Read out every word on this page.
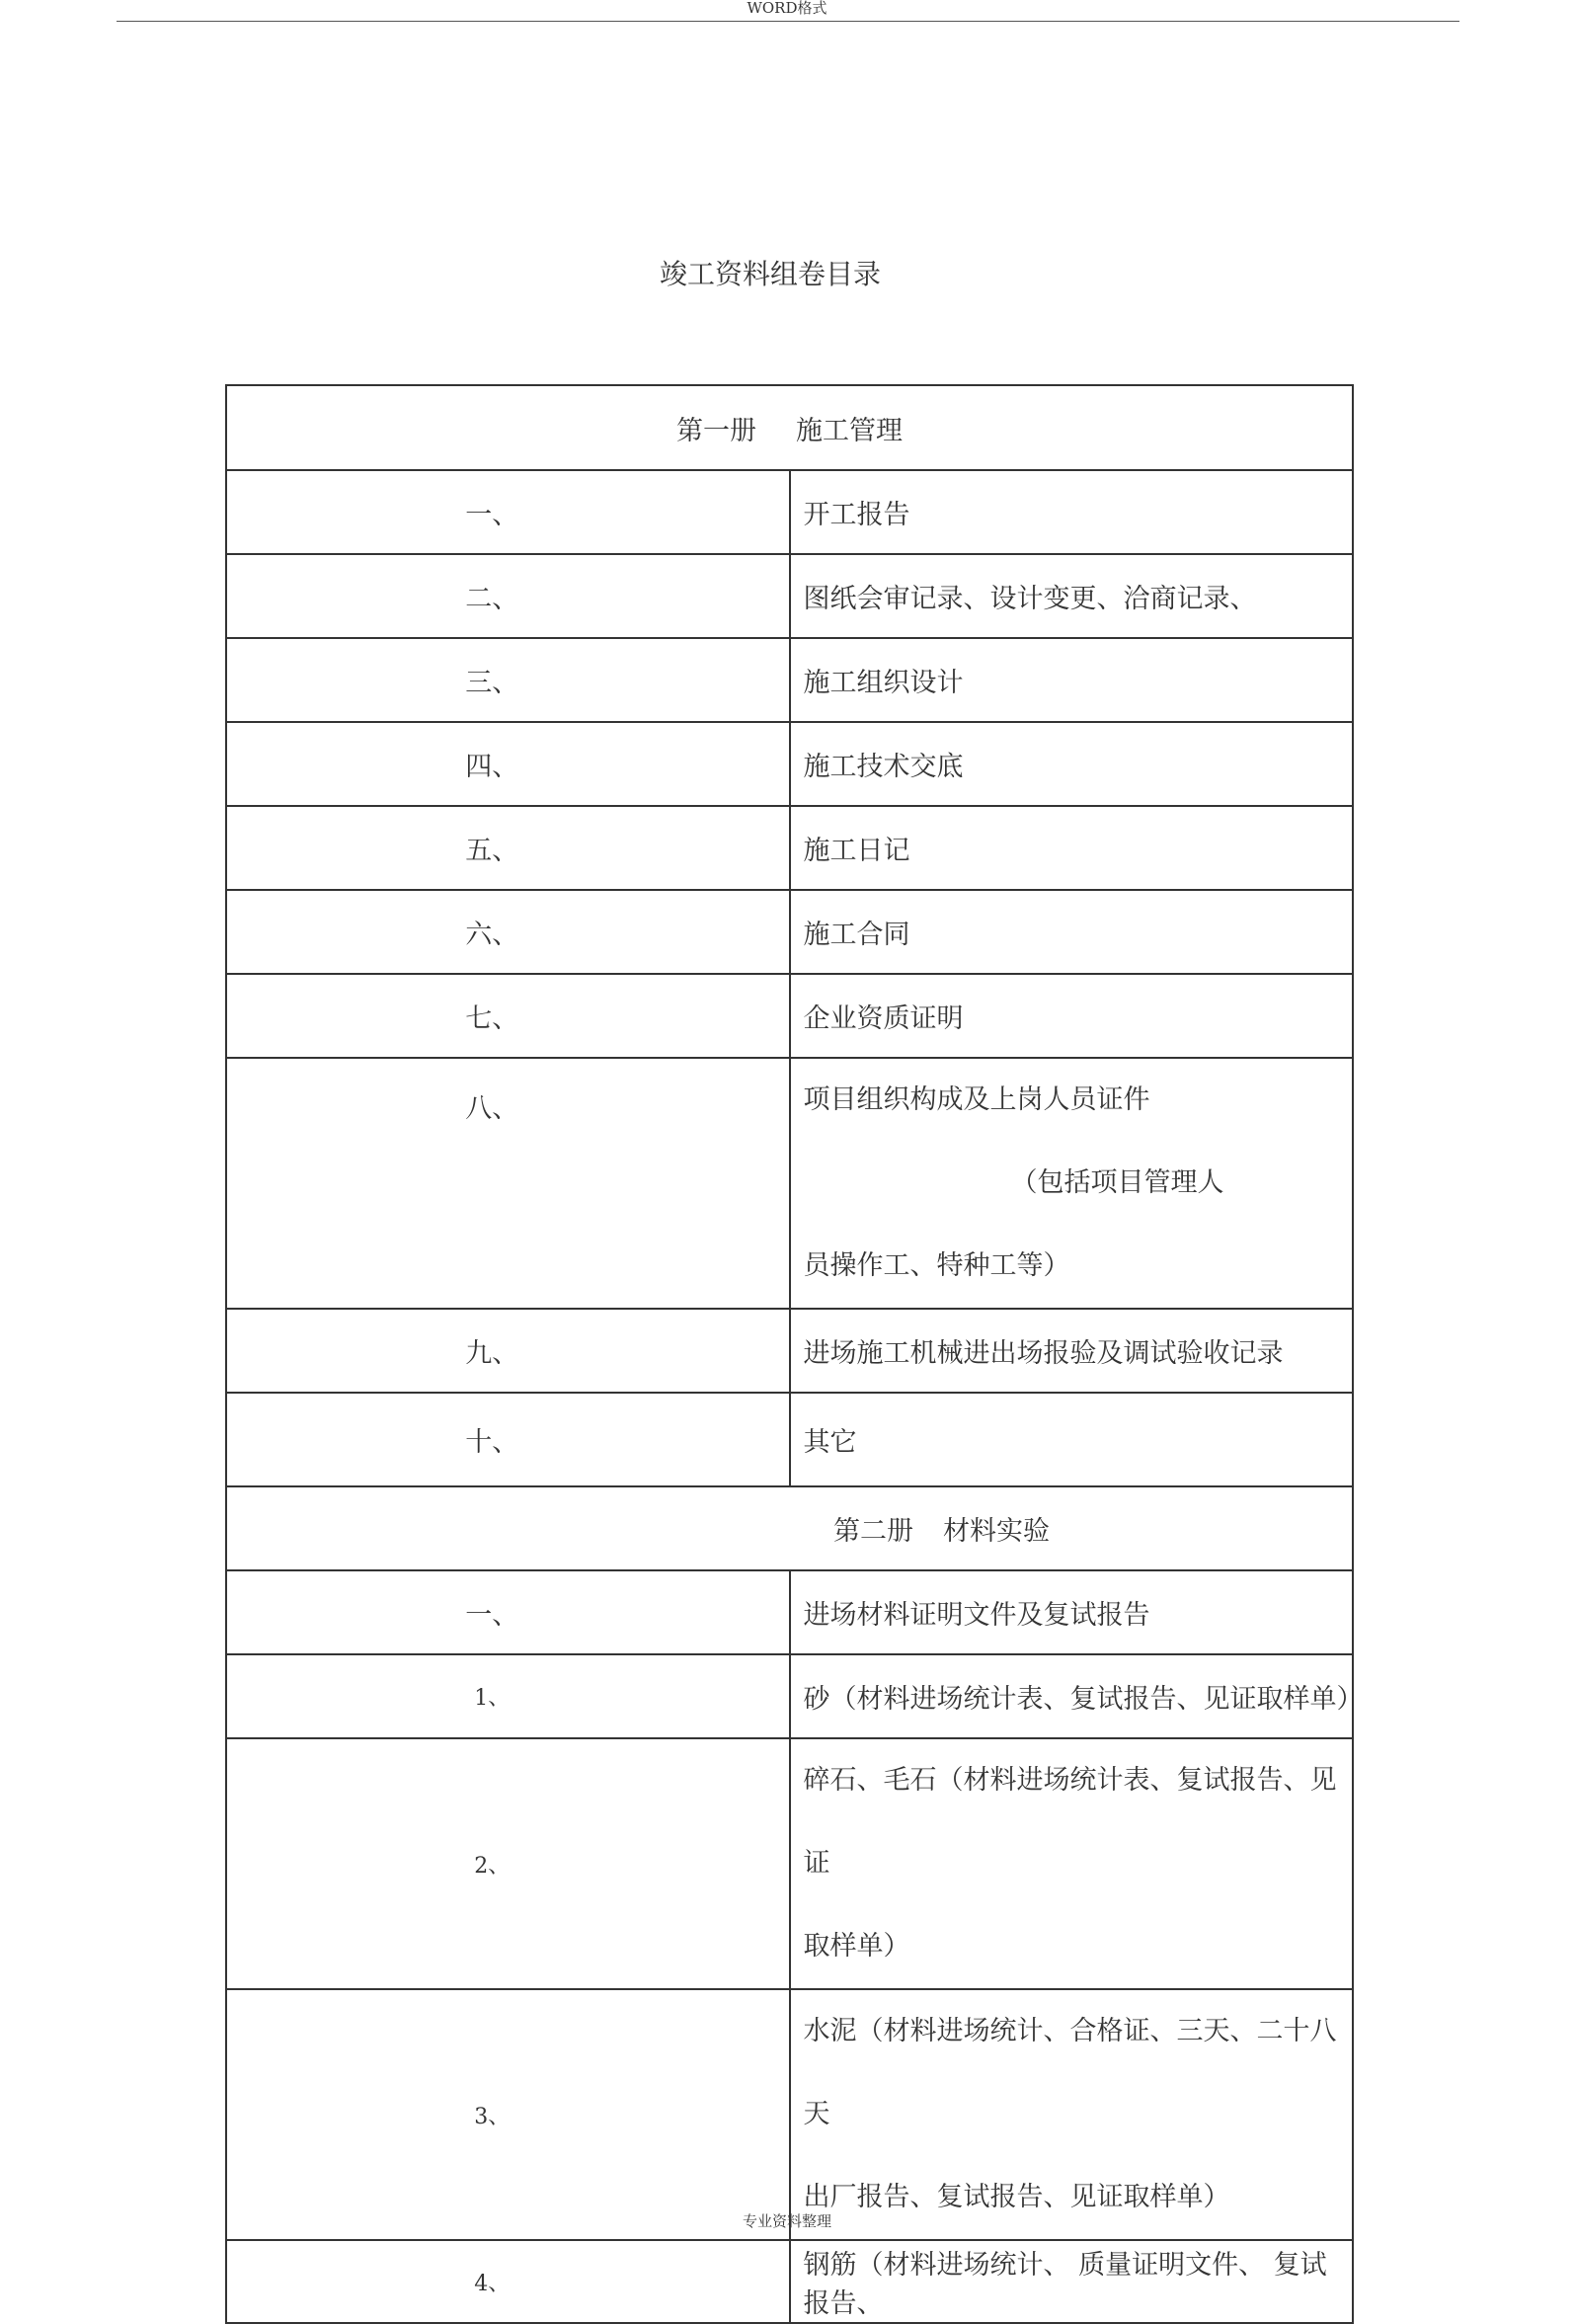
WORD格式
竣工资料组卷目录
第一册 施工管理	
一、	开工报告
二、	图纸会审记录、设计变更、洽商记录、
三、	施工组织设计
四、	施工技术交底
五、	施工日记
六、	施工合同
七、	企业资质证明
八、	项目组织构成及上岗人员证件（包括项目管理人
员操作工、特种工等）

九、	进场施工机械进出场报验及调试验收记录
十、	其它

第二册 材料实验	

一、	进场材料证明文件及复试报告
1、	砂（材料进场统计表、复试报告、见证取样单）
2、	碎石、毛石（材料进场统计表、复试报告、见证
取样单）

3、	水泥（材料进场统计、合格证、三天、二十八天
出厂报告、复试报告、见证取样单）

4、	钢筋（材料进场统计、 质量证明文件、 复试报告、
专业资料整理
